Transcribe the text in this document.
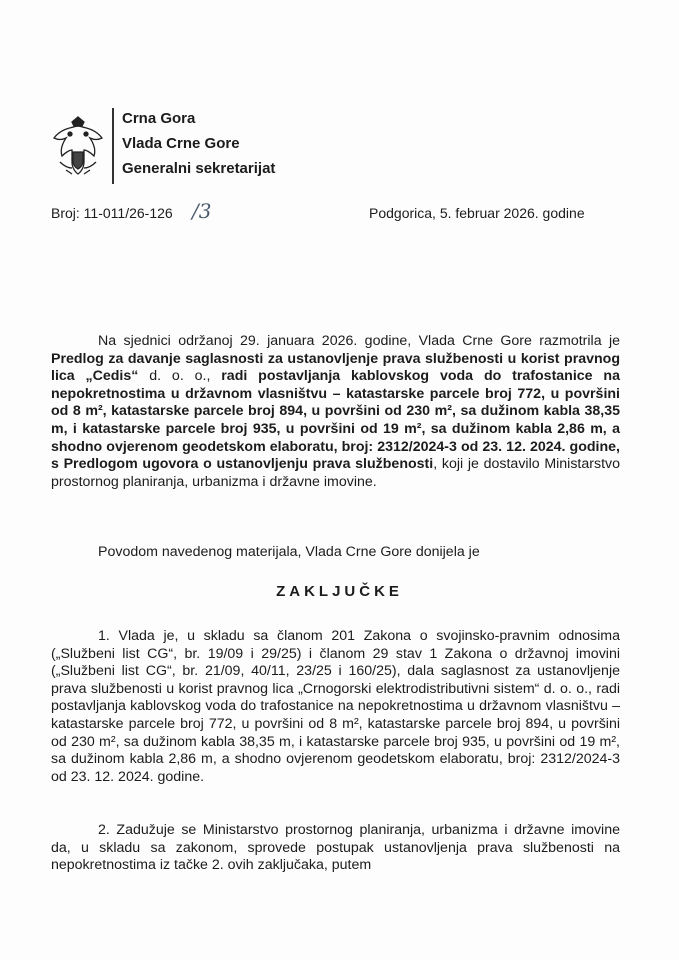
Crna Gora
Vlada Crne Gore
Generalni sekretarijat
Broj: 11-011/26-126 /3	Podgorica, 5. februar 2026. godine
Na sjednici održanoj 29. januara 2026. godine, Vlada Crne Gore razmotrila je Predlog za davanje saglasnosti za ustanovljenje prava službenosti u korist pravnog lica „Cedis“ d. o. o., radi postavljanja kablovskog voda do trafostanice na nepokretnostima u državnom vlasništvu – katastarske parcele broj 772, u površini od 8 m², katastarske parcele broj 894, u površini od 230 m², sa dužinom kabla 38,35 m, i katastarske parcele broj 935, u površini od 19 m², sa dužinom kabla 2,86 m, a shodno ovjerenom geodetskom elaboratu, broj: 2312/2024-3 od 23. 12. 2024. godine, s Predlogom ugovora o ustanovljenju prava službenosti, koji je dostavilo Ministarstvo prostornog planiranja, urbanizma i državne imovine.
Povodom navedenog materijala, Vlada Crne Gore donijela je
ZAKLJUČKE
1. Vlada je, u skladu sa članom 201 Zakona o svojinsko-pravnim odnosima („Službeni list CG“, br. 19/09 i 29/25) i članom 29 stav 1 Zakona o državnoj imovini („Službeni list CG“, br. 21/09, 40/11, 23/25 i 160/25), dala saglasnost za ustanovljenje prava službenosti u korist pravnog lica „Crnogorski elektrodistributivni sistem“ d. o. o., radi postavljanja kablovskog voda do trafostanice na nepokretnostima u državnom vlasništvu – katastarske parcele broj 772, u površini od 8 m², katastarske parcele broj 894, u površini od 230 m², sa dužinom kabla 38,35 m, i katastarske parcele broj 935, u površini od 19 m², sa dužinom kabla 2,86 m, a shodno ovjerenom geodetskom elaboratu, broj: 2312/2024-3 od 23. 12. 2024. godine.
2. Zadužuje se Ministarstvo prostornog planiranja, urbanizma i državne imovine da, u skladu sa zakonom, sprovede postupak ustanovljenja prava službenosti na nepokretnostima iz tačke 2. ovih zaključaka, putem
